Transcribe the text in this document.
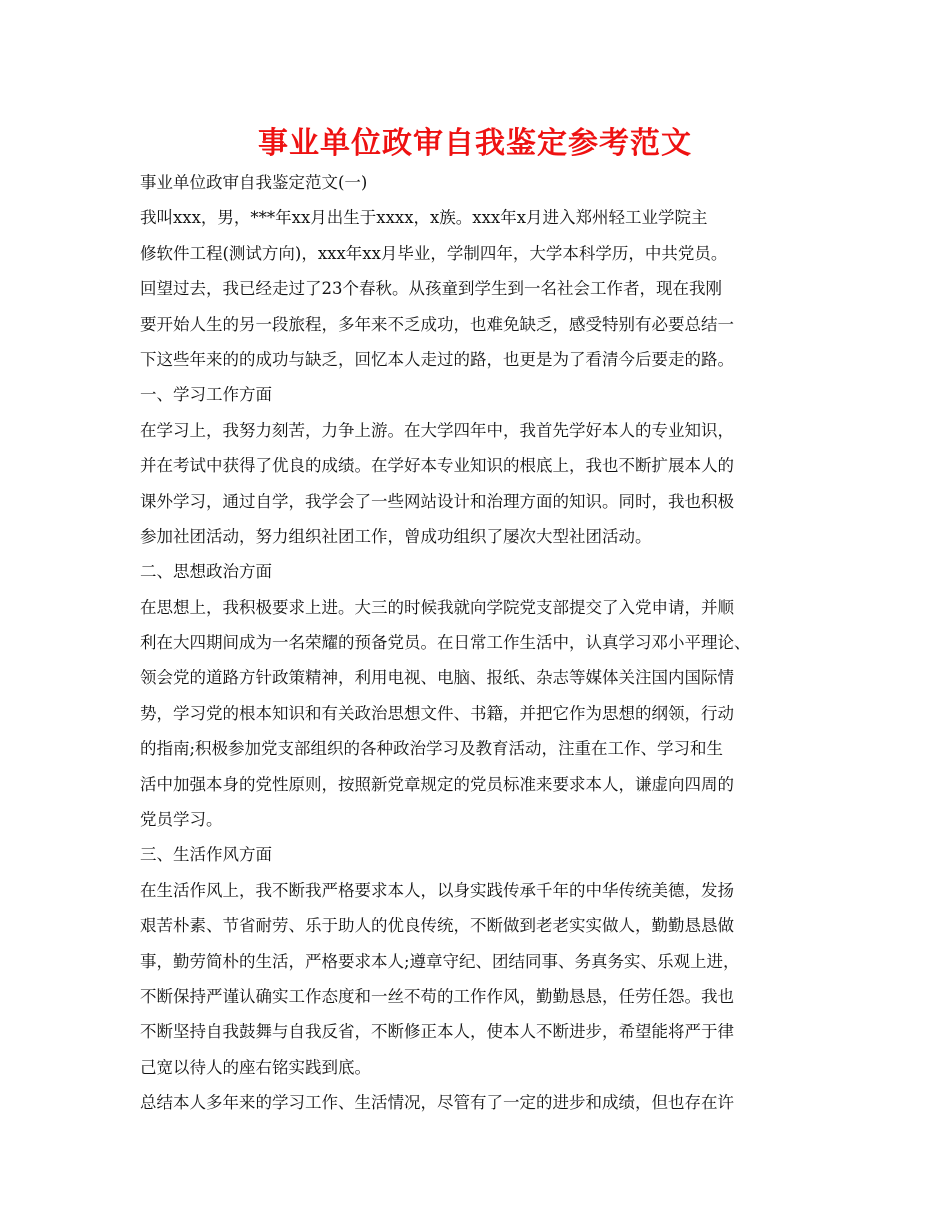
事业单位政审自我鉴定参考范文
事业单位政审自我鉴定范文(一)
我叫xxx，男，***年xx月出生于xxxx，x族。xxx年x月进入郑州轻工业学院主
修软件工程(测试方向)，xxx年xx月毕业，学制四年，大学本科学历，中共党员。
回望过去，我已经走过了23个春秋。从孩童到学生到一名社会工作者，现在我刚
要开始人生的另一段旅程，多年来不乏成功，也难免缺乏，感受特别有必要总结一
下这些年来的的成功与缺乏，回忆本人走过的路，也更是为了看清今后要走的路。
一、学习工作方面
在学习上，我努力刻苦，力争上游。在大学四年中，我首先学好本人的专业知识，
并在考试中获得了优良的成绩。在学好本专业知识的根底上，我也不断扩展本人的
课外学习，通过自学，我学会了一些网站设计和治理方面的知识。同时，我也积极
参加社团活动，努力组织社团工作，曾成功组织了屡次大型社团活动。
二、思想政治方面
在思想上，我积极要求上进。大三的时候我就向学院党支部提交了入党申请，并顺
利在大四期间成为一名荣耀的预备党员。在日常工作生活中，认真学习邓小平理论、
领会党的道路方针政策精神，利用电视、电脑、报纸、杂志等媒体关注国内国际情
势，学习党的根本知识和有关政治思想文件、书籍，并把它作为思想的纲领，行动
的指南;积极参加党支部组织的各种政治学习及教育活动，注重在工作、学习和生
活中加强本身的党性原则，按照新党章规定的党员标准来要求本人，谦虚向四周的
党员学习。
三、生活作风方面
在生活作风上，我不断我严格要求本人，以身实践传承千年的中华传统美德，发扬
艰苦朴素、节省耐劳、乐于助人的优良传统，不断做到老老实实做人，勤勤恳恳做
事，勤劳简朴的生活，严格要求本人;遵章守纪、团结同事、务真务实、乐观上进，
不断保持严谨认确实工作态度和一丝不苟的工作作风，勤勤恳恳，任劳任怨。我也
不断坚持自我鼓舞与自我反省，不断修正本人，使本人不断进步，希望能将严于律
己宽以待人的座右铭实践到底。
总结本人多年来的学习工作、生活情况，尽管有了一定的进步和成绩，但也存在许
